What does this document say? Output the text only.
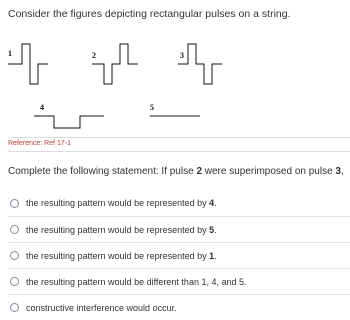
Consider the figures depicting rectangular pulses on a string.
1	2	3
4	5
Reference: Ref 17-1
Complete the following statement: If pulse 2 were superimposed on pulse 3,
the resulting pattern would be represented by 4.
the resulting pattern would be represented by 5.
the resulting pattern would be represented by 1.
the resulting pattern would be different than 1, 4, and 5.
constructive interference would occur.
